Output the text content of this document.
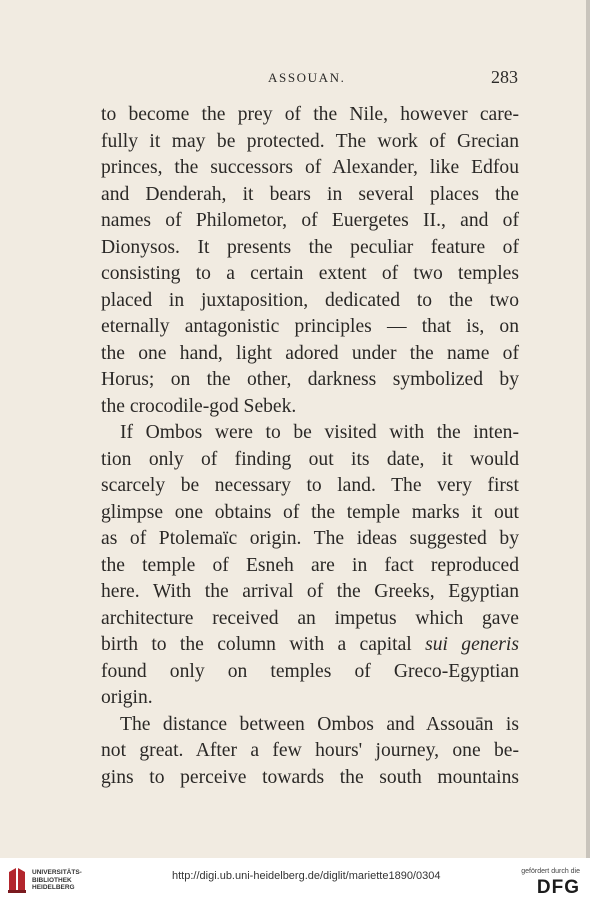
ASSOUAN.	283
to become the prey of the Nile, however care-
fully it may be protected. The work of Grecian
princes, the successors of Alexander, like Edfou
and Denderah, it bears in several places the
names of Philometor, of Euergetes II., and of
Dionysos. It presents the peculiar feature of
consisting to a certain extent of two temples
placed in juxtaposition, dedicated to the two
eternally antagonistic principles — that is, on
the one hand, light adored under the name of
Horus; on the other, darkness symbolized by
the crocodile-god Sebek.
If Ombos were to be visited with the inten-
tion only of finding out its date, it would
scarcely be necessary to land. The very first
glimpse one obtains of the temple marks it out
as of Ptolemaïc origin. The ideas suggested by
the temple of Esneh are in fact reproduced
here. With the arrival of the Greeks, Egyptian
architecture received an impetus which gave
birth to the column with a capital sui generis
found only on temples of Greco-Egyptian
origin.
The distance between Ombos and Assouān is
not great. After a few hours' journey, one be-
gins to perceive towards the south mountains
UNIVERSITÄTS-
BIBLIOTHEK
HEIDELBERG
http://digi.ub.uni-heidelberg.de/diglit/mariette1890/0304	gefördert durch die
DFG
